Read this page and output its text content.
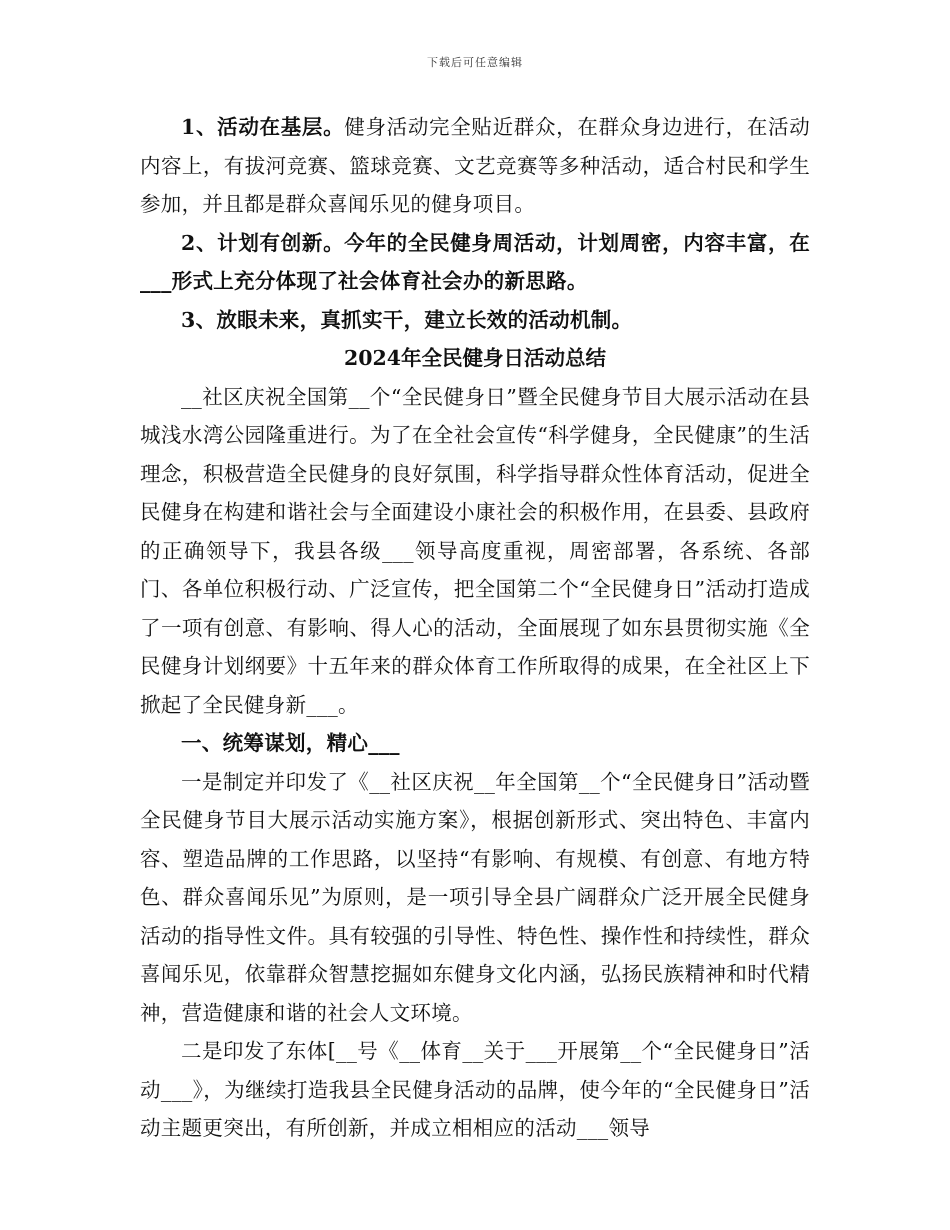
下载后可任意编辑

1、活动在基层。健身活动完全贴近群众，在群众身边进行，在活动内容上，有拔河竞赛、篮球竞赛、文艺竞赛等多种活动，适合村民和学生参加，并且都是群众喜闻乐见的健身项目。

2、计划有创新。今年的全民健身周活动，计划周密，内容丰富，在___形式上充分体现了社会体育社会办的新思路。

3、放眼未来，真抓实干，建立长效的活动机制。

2024年全民健身日活动总结

__社区庆祝全国第__个“全民健身日”暨全民健身节目大展示活动在县城浅水湾公园隆重进行。为了在全社会宣传“科学健身，全民健康”的生活理念，积极营造全民健身的良好氛围，科学指导群众性体育活动，促进全民健身在构建和谐社会与全面建设小康社会的积极作用，在县委、县政府的正确领导下，我县各级___领导高度重视，周密部署，各系统、各部门、各单位积极行动、广泛宣传，把全国第二个“全民健身日”活动打造成了一项有创意、有影响、得人心的活动，全面展现了如东县贯彻实施《全民健身计划纲要》十五年来的群众体育工作所取得的成果，在全社区上下掀起了全民健身新___。

一、统筹谋划，精心___

一是制定并印发了《__社区庆祝__年全国第__个“全民健身日”活动暨全民健身节目大展示活动实施方案》，根据创新形式、突出特色、丰富内容、塑造品牌的工作思路，以坚持“有影响、有规模、有创意、有地方特色、群众喜闻乐见”为原则，是一项引导全县广阔群众广泛开展全民健身活动的指导性文件。具有较强的引导性、特色性、操作性和持续性，群众喜闻乐见，依靠群众智慧挖掘如东健身文化内涵，弘扬民族精神和时代精神，营造健康和谐的社会人文环境。

二是印发了东体[__号《__体育__关于___开展第__个“全民健身日”活动___》，为继续打造我县全民健身活动的品牌，使今年的“全民健身日”活动主题更突出，有所创新，并成立相相应的活动___领导
